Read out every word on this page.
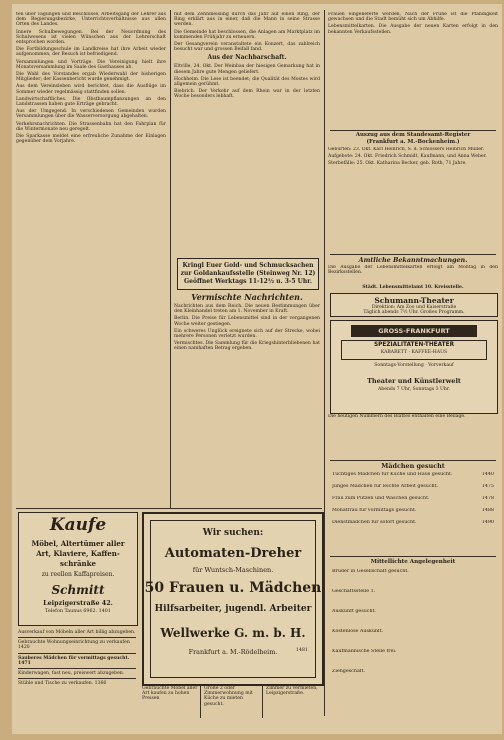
ten über Tagungen und Beschlüsse, Arbeitsgang der Lehrer aus dem Regierungsbezirke, Unterrichtsverhältnisse aus allen Orten des Landes.

Innere Schulbewegungen. Bei der Neuordnung des Schulwesens ist vielen Wünschen aus der Lehrerschaft entsprochen worden.

Die Fortbildungsschule im Landkreise hat ihre Arbeit wieder aufgenommen, der Besuch ist befriedigend.

Versammlungen und Vorträge. Die Vereinigung hielt ihre Monatsversammlung im Saale des Gasthauses ab.

Die Wahl des Vorstandes ergab Wiederwahl der bisherigen Mitglieder; der Kassenbericht wurde genehmigt.

Aus dem Vereinsleben wird berichtet, dass die Ausflüge im Sommer wieder regelmässig stattfinden sollen.

Landwirtschaftliches. Die Obstbaumpflanzungen an den Landstrassen haben gute Erträge gebracht.

Aus der Umgegend. In verschiedenen Gemeinden wurden Versammlungen über die Wasserversorgung abgehalten.

Verkehrsnachrichten. Die Strassenbahn hat den Fahrplan für die Wintermonate neu geregelt.

Die Sparkasse meldet eine erfreuliche Zunahme der Einlagen gegenüber dem Vorjahre.

mit dem Zehnmeisling durch das Jahr auf einen Ring, der Ring erklärt aus in einer, daß die Mann in seine Strasse werden.

Die Gemeinde hat beschlossen, die Anlagen am Marktplatz im kommenden Frühjahr zu erneuern.

Der Gesangverein veranstaltete ein Konzert, das zahlreich besucht war und grossen Beifall fand.

Aus der Nachbarschaft.

Eltville, 24. Okt. Der Weinbau der hiesigen Gemarkung hat in diesem Jahre gute Mengen geliefert.

Hochheim. Die Lese ist beendet; die Qualität des Mostes wird allgemein gerühmt.

Biebrich. Der Verkehr auf dem Rhein war in der letzten Woche besonders lebhaft.

Kringl Euer Gold- und Schmucksachen
zur Goldankaufsstelle (Steinweg Nr. 12)
Geöffnet Werktags 11-12½ u. 3-5 Uhr.
Vermischte Nachrichten.

Nachrichten aus dem Reich. Die neuen Bestimmungen über den Kleinhandel treten am 1. November in Kraft.

Berlin. Die Preise für Lebensmittel sind in der vergangenen Woche weiter gestiegen.

Ein schweres Unglück ereignete sich auf der Strecke, wobei mehrere Personen verletzt wurden.

Vermischtes. Die Sammlung für die Kriegshinterbliebenen hat einen namhaften Betrag ergeben.

Frauen eingelieferte werden, Nach der Frühe ist die Pfändigkeit gewachsen und die Stadt bemüht sich um Abhilfe.

Lebensmittelkarten. Die Ausgabe der neuen Karten erfolgt in den bekannten Verkaufsstellen.

Auszug aus dem Standesamt-Register
(Frankfurt a. M.-Bockenheim.)

Geburten: 23. Okt. Karl Heinrich, S. d. Schlossers Heinrich Müller.

Aufgebote: 24. Okt. Friedrich Schmidt, Kaufmann, und Anna Weber.

Sterbefälle: 25. Okt. Katharina Becker, geb. Roth, 71 Jahre.

Amtliche Bekanntmachungen.

Die Ausgabe der Lebensmittelkarten erfolgt am Montag in den Bezirksstellen.

Städt. Lebensmittelamt 10. Kreisstelle.
Schumann-Theater
Direktion: Am Zoo und Kaiserstraße
Täglich abends 7½ Uhr. Großes Programm.
GROSS-FRANKFURT
SPEZIALITÄTEN-THEATER
KABARETT · KAFFEE-HAUS
Sonntags-Vorstellung · Vorverkauf
Theater und Künstlerwelt
Abends 7 Uhr, Sonntags 3 Uhr.

Die heutigen Nummern des Blattes enthalten eine Beilage.

Mädchen gesucht
Tüchtiges Mädchen für Küche und Haus gesucht.	1440
Junges Mädchen für leichte Arbeit gesucht.	1475
Frau zum Putzen und Waschen gesucht.	1478
Monatfrau für vormittags gesucht.	1488
Dienstmädchen für sofort gesucht.	1490
Mittellichte Angelegenheit
Bruder in Gesellschaft gesucht.
Geschäftsstelle 1.
Auskunft gesucht.
Kostenlose Auskunft.
Kaufmännische Stelle frei.
Ziehgeschäft.
Kaufe
Möbel, Altertümer aller
Art, Klaviere, Kaffen-
schränke
zu reellen Kaffapreisen.
Schmitt
Leipzigerstraße 42.
Telefon Taunus 6962. 1401
Ausverkauf von Möbeln aller Art billig abzugeben.
Gebrauchte Wohnungseinrichtung zu verkaufen 1420
Sauberes Mädchen für vormittags gesucht. 1471
Kinderwagen, fast neu, preiswert abzugeben.
Stühle und Tische zu verkaufen. 1366
Wir suchen:
Automaten-Dreher
für Wuntsch-Maschinen.
50 Frauen u. Mädchen
Hilfsarbeiter, jugendl. Arbeiter
Wellwerke G. m. b. H.
Frankfurt a. M.-Rödelheim.	1481
Gebrauchte Möbel aller Art kaufen zu hohen Preisen
Große 2 oder Zimmerwohnung mit Küche zu mieten gesucht.
Zimmer zu vermieten, Leipzigerstraße.
